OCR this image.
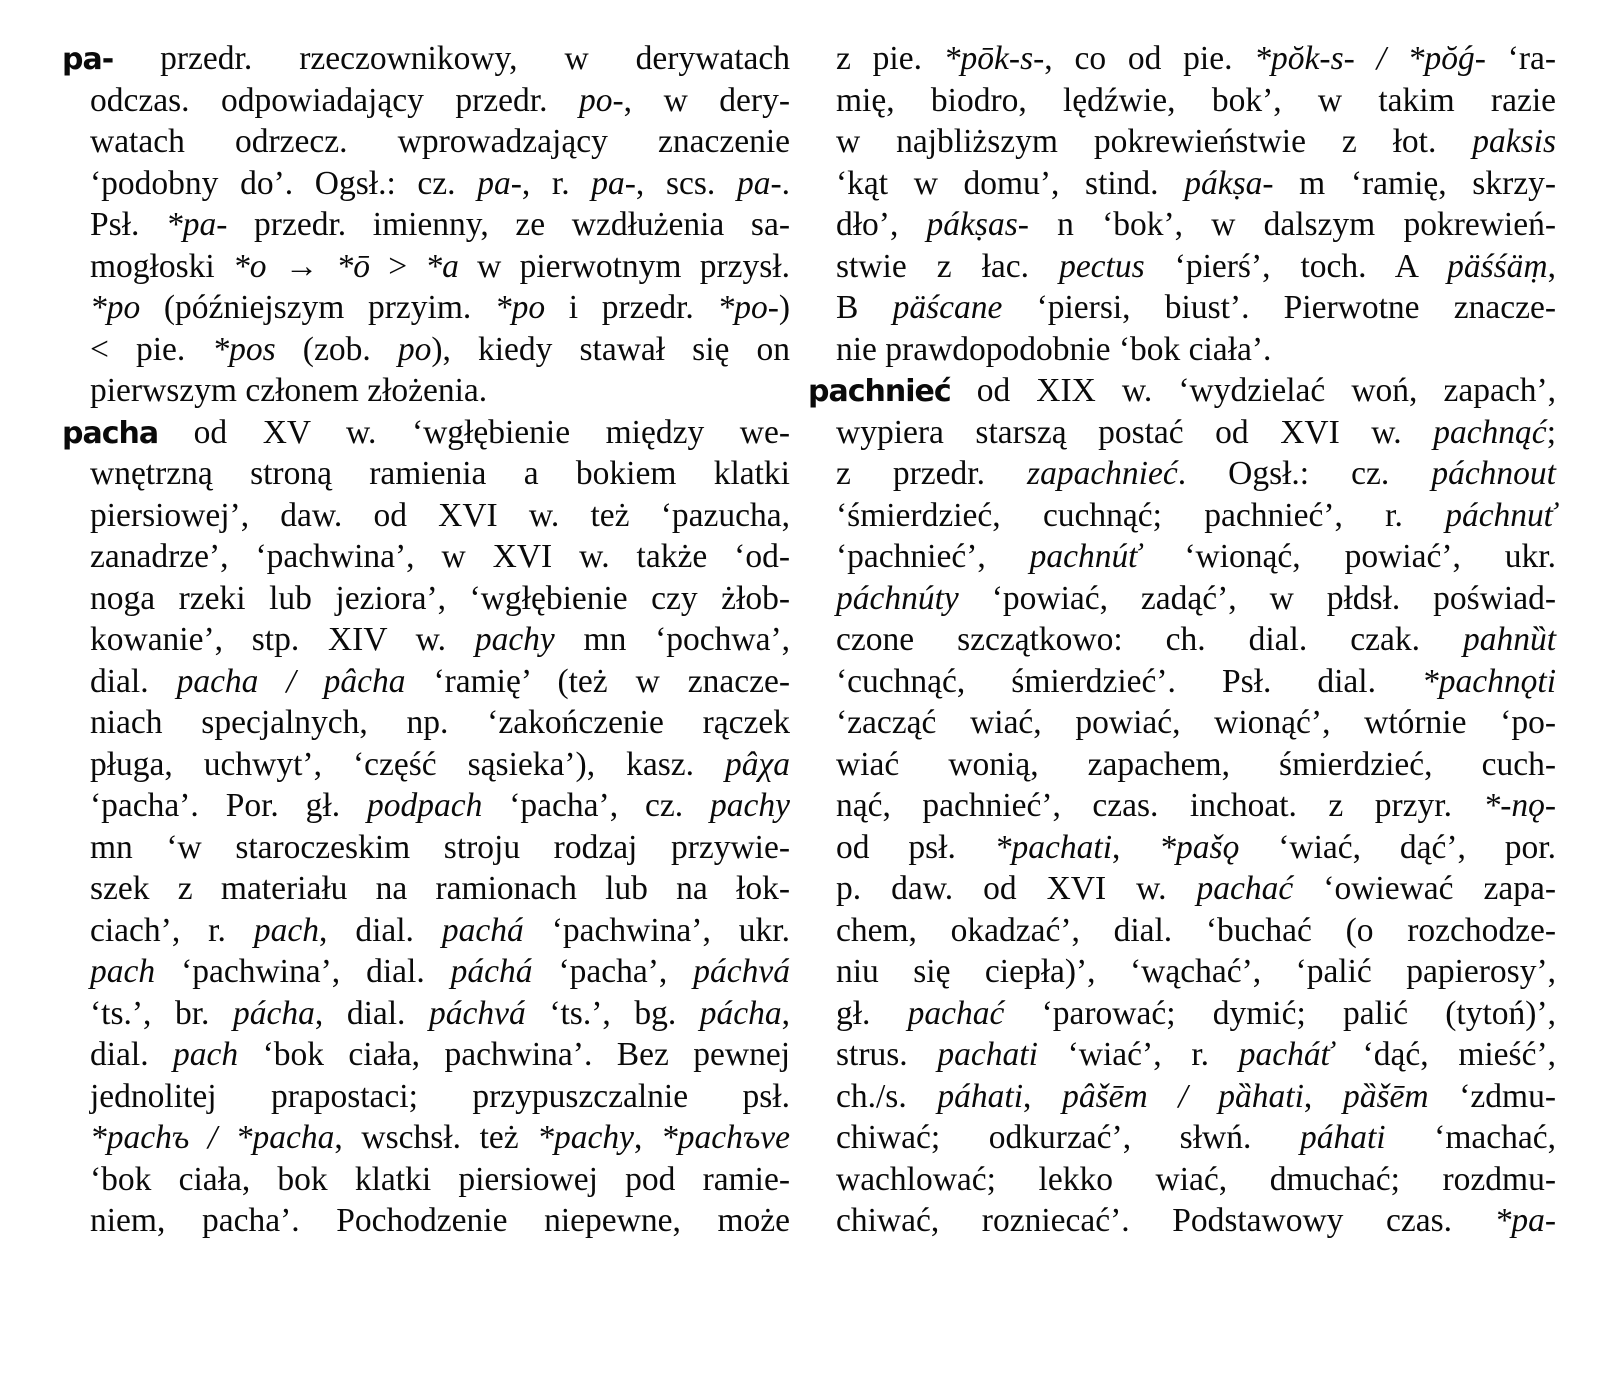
pa- przedr. rzeczownikowy, w derywatach
odczas. odpowiadający przedr. po-, w dery-
watach odrzecz. wprowadzający znaczenie
‘podobny do’. Ogsł.: cz. pa-, r. pa-, scs. pa-.
Psł. *pa- przedr. imienny, ze wzdłużenia sa-
mogłoski *o → *ō > *a w pierwotnym przysł.
*po (późniejszym przyim. *po i przedr. *po-)
< pie. *pos (zob. po), kiedy stawał się on
pierwszym członem złożenia.
pacha od XV w. ‘wgłębienie między we-
wnętrzną stroną ramienia a bokiem klatki
piersiowej’, daw. od XVI w. też ‘pazucha,
zanadrze’, ‘pachwina’, w XVI w. także ‘od-
noga rzeki lub jeziora’, ‘wgłębienie czy żłob-
kowanie’, stp. XIV w. pachy mn ‘pochwa’,
dial. pacha / pâcha ‘ramię’ (też w znacze-
niach specjalnych, np. ‘zakończenie rączek
pługa, uchwyt’, ‘część sąsieka’), kasz. pâχa
‘pacha’. Por. gł. podpach ‘pacha’, cz. pachy
mn ‘w staroczeskim stroju rodzaj przywie-
szek z materiału na ramionach lub na łok-
ciach’, r. pach, dial. pachá ‘pachwina’, ukr.
pach ‘pachwina’, dial. páchá ‘pacha’, páchvá
‘ts.’, br. pácha, dial. páchvá ‘ts.’, bg. pácha,
dial. pach ‘bok ciała, pachwina’. Bez pewnej
jednolitej prapostaci; przypuszczalnie psł.
*pachъ / *pacha, wschsł. też *pachy, *pachъve
‘bok ciała, bok klatki piersiowej pod ramie-
niem, pacha’. Pochodzenie niepewne, może
z pie. *pōk-s-, co od pie. *pŏk-s- / *pŏǵ- ‘ra-
mię, biodro, lędźwie, bok’, w takim razie
w najbliższym pokrewieństwie z łot. paksis
‘kąt w domu’, stind. pákṣa- m ‘ramię, skrzy-
dło’, pákṣas- n ‘bok’, w dalszym pokrewień-
stwie z łac. pectus ‘pierś’, toch. A päśśäṃ,
B päścane ‘piersi, biust’. Pierwotne znacze-
nie prawdopodobnie ‘bok ciała’.
pachnieć od XIX w. ‘wydzielać woń, zapach’,
wypiera starszą postać od XVI w. pachnąć;
z przedr. zapachnieć. Ogsł.: cz. páchnout
‘śmierdzieć, cuchnąć; pachnieć’, r. páchnuť
‘pachnieć’, pachnúť ‘wionąć, powiać’, ukr.
páchnúty ‘powiać, zadąć’, w płdsł. poświad-
czone szczątkowo: ch. dial. czak. pahnȕt
‘cuchnąć, śmierdzieć’. Psł. dial. *pachnǫti
‘zacząć wiać, powiać, wionąć’, wtórnie ‘po-
wiać wonią, zapachem, śmierdzieć, cuch-
nąć, pachnieć’, czas. inchoat. z przyr. *-nǫ-
od psł. *pachati, *pašǫ ‘wiać, dąć’, por.
p. daw. od XVI w. pachać ‘owiewać zapa-
chem, okadzać’, dial. ‘buchać (o rozchodze-
niu się ciepła)’, ‘wąchać’, ‘palić papierosy’,
gł. pachać ‘parować; dymić; palić (tytoń)’,
strus. pachati ‘wiać’, r. pacháť ‘dąć, mieść’,
ch./s. páhati, pâšēm / pȁhati, pȁšēm ‘zdmu-
chiwać; odkurzać’, słwń. páhati ‘machać,
wachlować; lekko wiać, dmuchać; rozdmu-
chiwać, rozniecać’. Podstawowy czas. *pa-
